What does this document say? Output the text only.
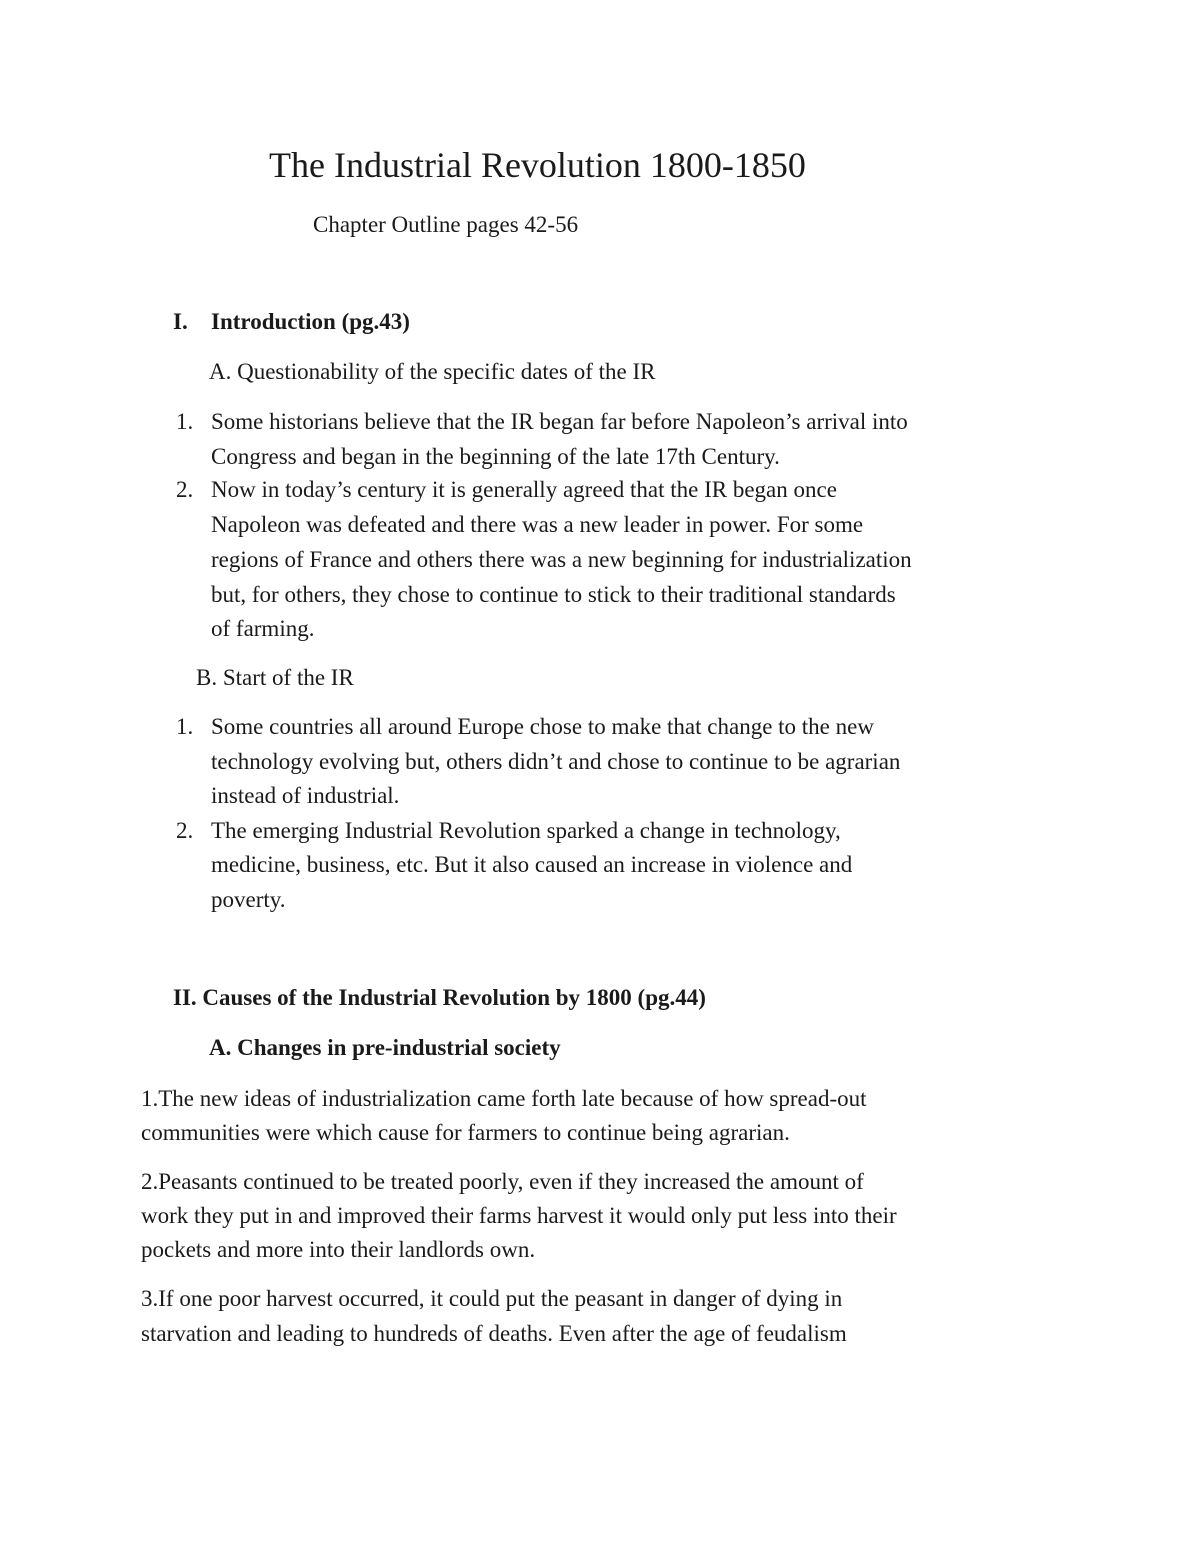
The Industrial Revolution 1800-1850
Chapter Outline pages 42-56
I. Introduction (pg.43)
A. Questionability of the specific dates of the IR
1. Some historians believe that the IR began far before Napoleon’s arrival into
Congress and began in the beginning of the late 17th Century.
2. Now in today’s century it is generally agreed that the IR began once
Napoleon was defeated and there was a new leader in power. For some
regions of France and others there was a new beginning for industrialization
but, for others, they chose to continue to stick to their traditional standards
of farming.
B. Start of the IR
1. Some countries all around Europe chose to make that change to the new
technology evolving but, others didn’t and chose to continue to be agrarian
instead of industrial.
2. The emerging Industrial Revolution sparked a change in technology,
medicine, business, etc. But it also caused an increase in violence and
poverty.
II. Causes of the Industrial Revolution by 1800 (pg.44)
A. Changes in pre-industrial society
1.The new ideas of industrialization came forth late because of how spread-out
communities were which cause for farmers to continue being agrarian.
2.Peasants continued to be treated poorly, even if they increased the amount of
work they put in and improved their farms harvest it would only put less into their
pockets and more into their landlords own.
3.If one poor harvest occurred, it could put the peasant in danger of dying in
starvation and leading to hundreds of deaths. Even after the age of feudalism
